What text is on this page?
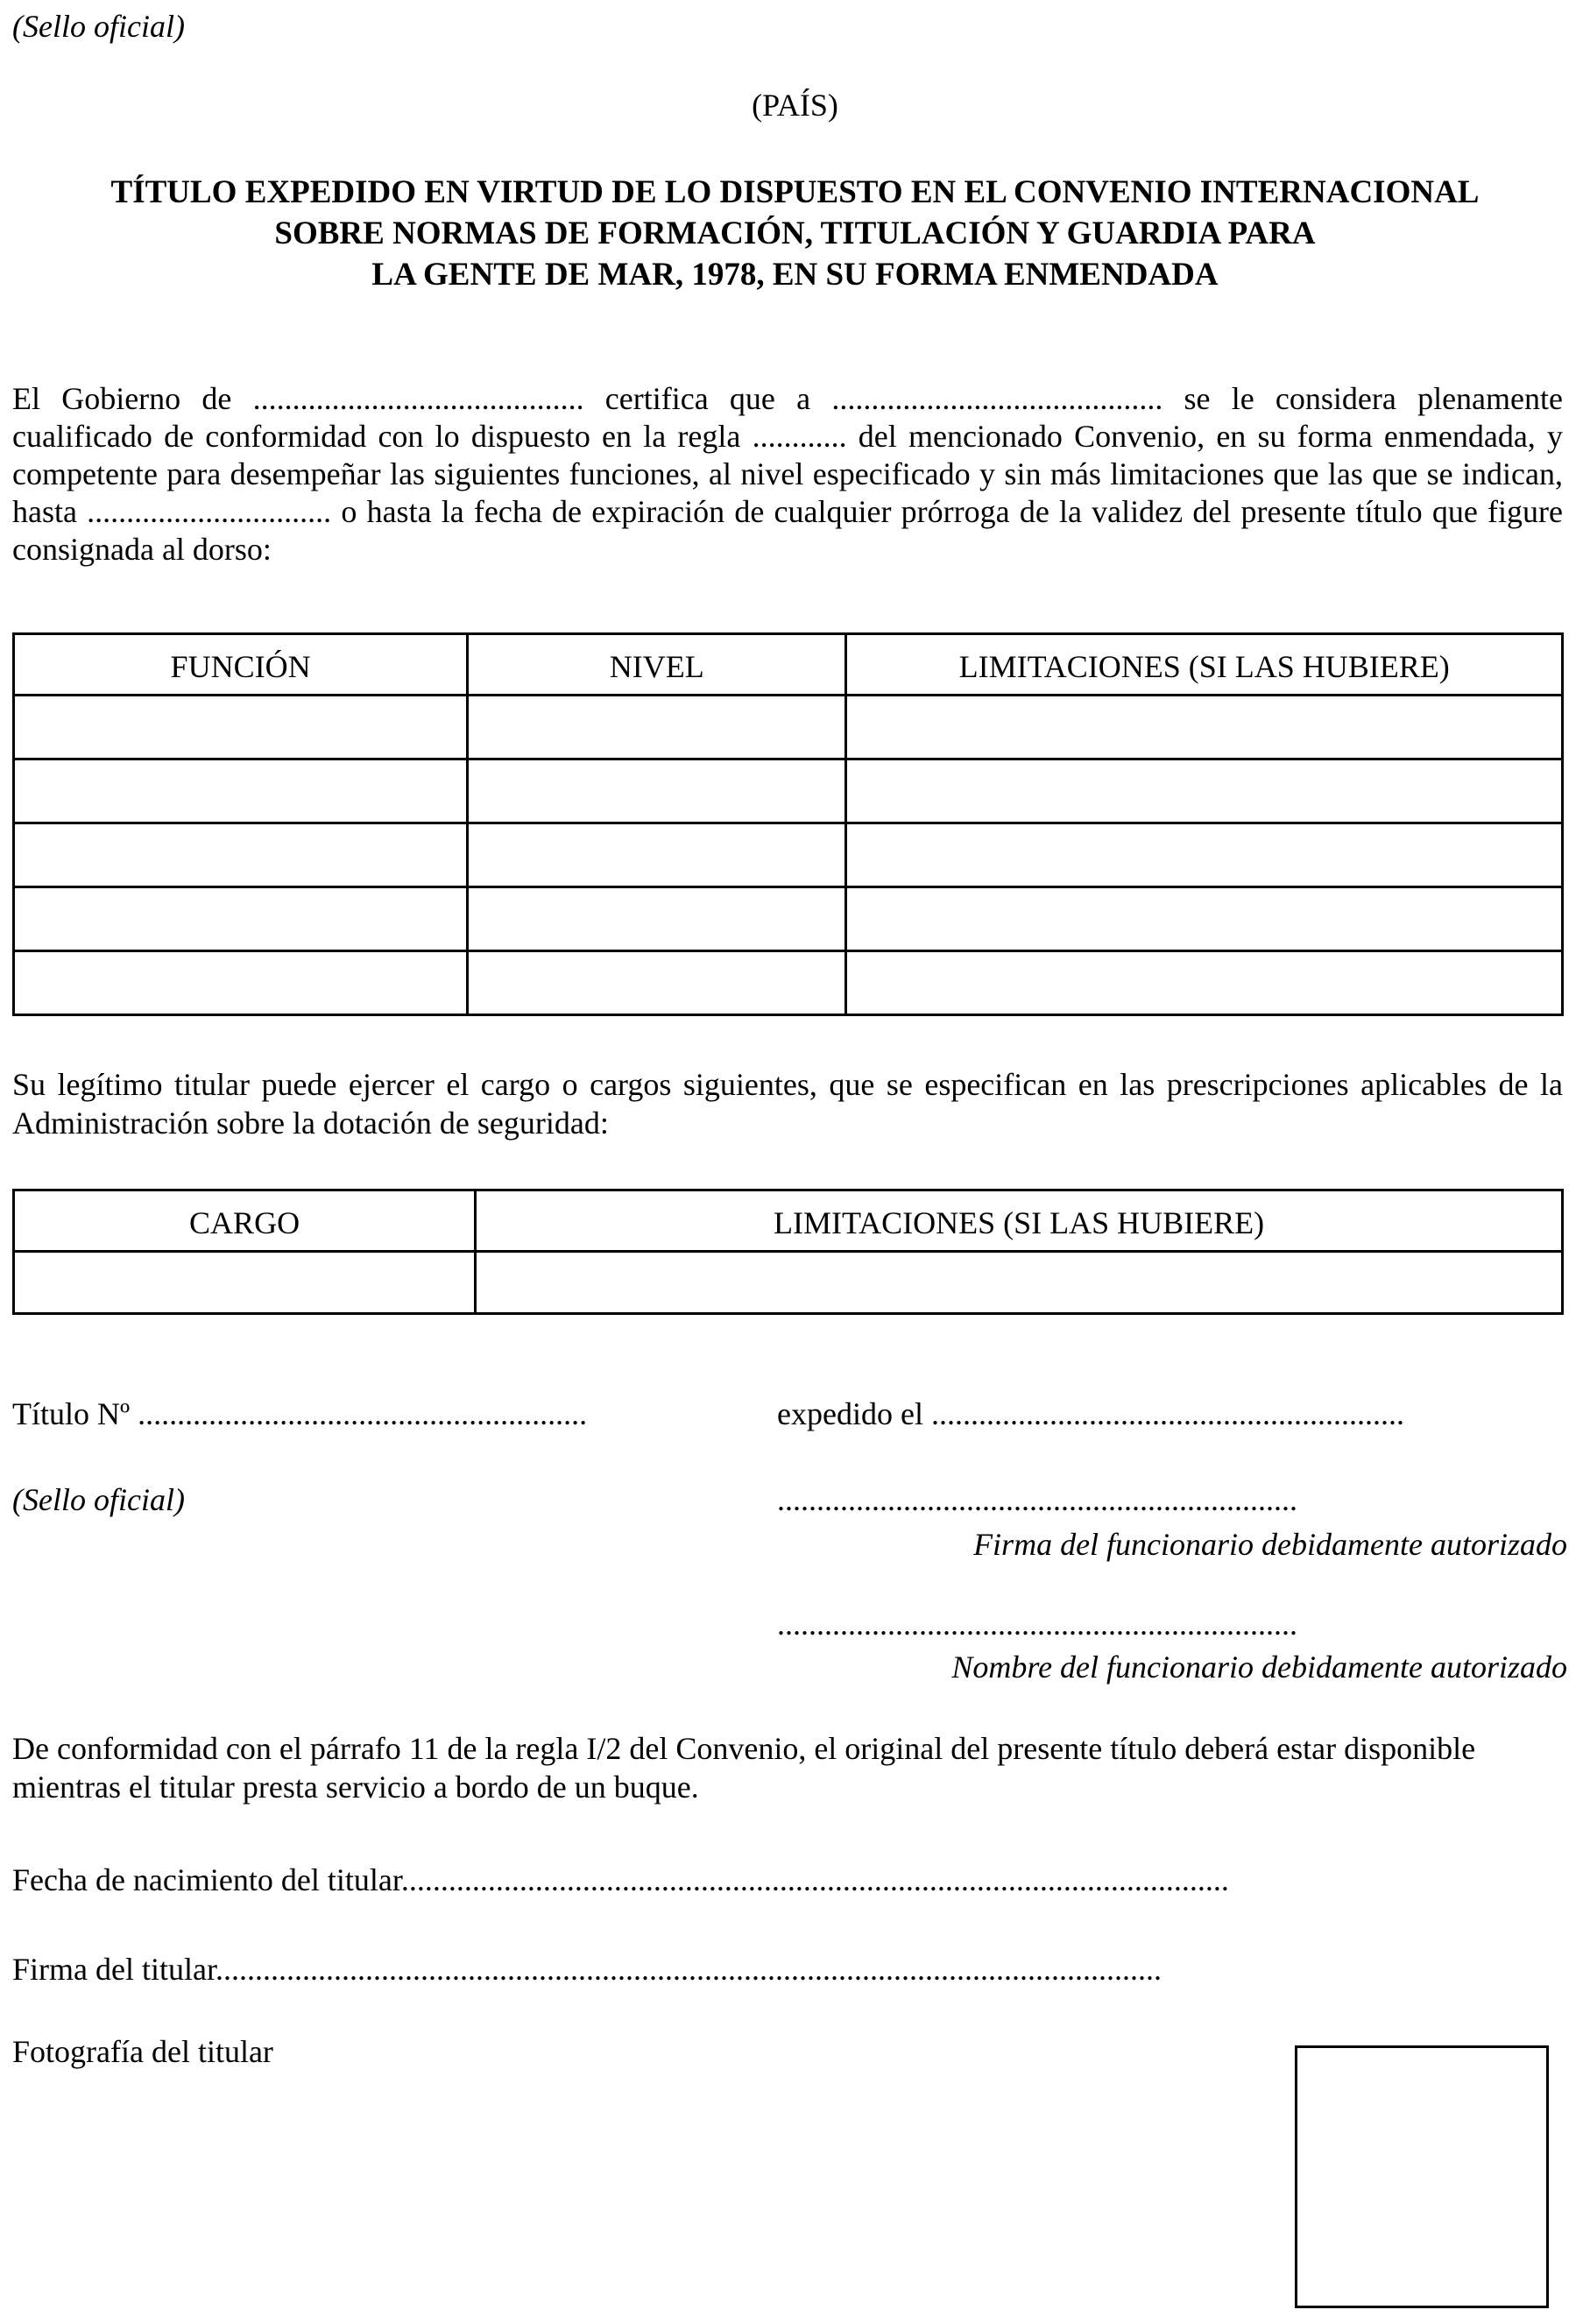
(Sello oficial)
(PAÍS)
TÍTULO EXPEDIDO EN VIRTUD DE LO DISPUESTO EN EL CONVENIO INTERNACIONAL
SOBRE NORMAS DE FORMACIÓN, TITULACIÓN Y GUARDIA PARA
LA GENTE DE MAR, 1978, EN SU FORMA ENMENDADA
El Gobierno de .......................................... certifica que a .......................................... se le considera plenamente cualificado de conformidad con lo dispuesto en la regla ............ del mencionado Convenio, en su forma enmendada, y competente para desempeñar las siguientes funciones, al nivel especificado y sin más limitaciones que las que se indican, hasta ............................... o hasta la fecha de expiración de cualquier prórroga de la validez del presente título que figure consignada al dorso:
FUNCIÓN	NIVEL	LIMITACIONES (SI LAS HUBIERE)

Su legítimo titular puede ejercer el cargo o cargos siguientes, que se especifican en las prescripciones aplicables de la Administración sobre la dotación de seguridad:
CARGO	LIMITACIONES (SI LAS HUBIERE)

Título Nº .........................................................	expedido el ............................................................
(Sello oficial)	..................................................................
Firma del funcionario debidamente autorizado
..................................................................
Nombre del funcionario debidamente autorizado
De conformidad con el párrafo 11 de la regla I/2 del Convenio, el original del presente título deberá estar disponible mientras el titular presta servicio a bordo de un buque.
Fecha de nacimiento del titular.........................................................................................................
Firma del titular........................................................................................................................
Fotografía del titular
